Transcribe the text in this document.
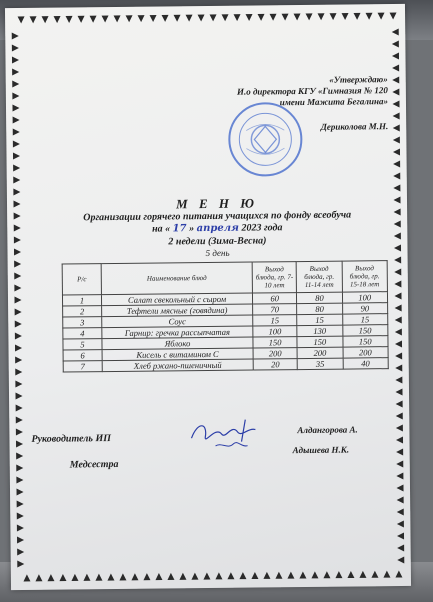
«Утверждаю»
И.о директора КГУ «Гимназия № 120
имени Мажита Бегалина»
Дериколова М.Н.
М Е Н Ю
Организации горячего питания учащихся по фонду всеобуча
на « 17 » апреля 2023 года
2 недели (Зима-Весна)
5 день
Р/с	Наименование блюд	Выход блюда, гр. 7-10 лет	Выход блюда, гр. 11-14 лет	Выход блюда, гр. 15-18 лет
1	Салат свекольный с сыром	60	80	100
2	Тефтели мясные (говядина)	70	80	90
3	Соус	15	15	15
4	Гарнир: гречка рассыпчатая	100	130	150
5	Яблоко	150	150	150
6	Кисель с витамином С	200	200	200
7	Хлеб ржано-пшеничный	20	35	40
Руководитель ИП
Алдангорова А.
Адышева Н.К.
Медсестра
